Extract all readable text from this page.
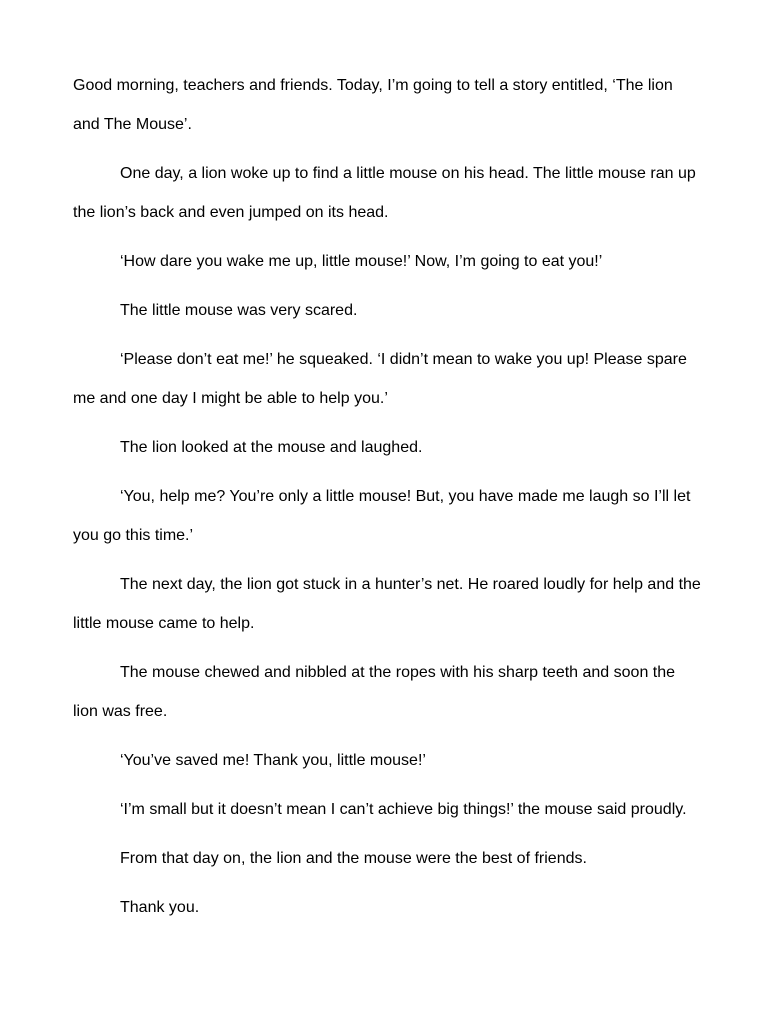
Good morning, teachers and friends. Today, I’m going to tell a story entitled, ‘The lion and The Mouse’.

One day, a lion woke up to find a little mouse on his head. The little mouse ran up the lion’s back and even jumped on its head.

‘How dare you wake me up, little mouse!’ Now, I’m going to eat you!’

The little mouse was very scared.

‘Please don’t eat me!’ he squeaked. ‘I didn’t mean to wake you up! Please spare me and one day I might be able to help you.’

The lion looked at the mouse and laughed.

‘You, help me? You’re only a little mouse! But, you have made me laugh so I’ll let you go this time.’

The next day, the lion got stuck in a hunter’s net. He roared loudly for help and the little mouse came to help.

The mouse chewed and nibbled at the ropes with his sharp teeth and soon the lion was free.

‘You’ve saved me! Thank you, little mouse!’

‘I’m small but it doesn’t mean I can’t achieve big things!’ the mouse said proudly.

From that day on, the lion and the mouse were the best of friends.

Thank you.
